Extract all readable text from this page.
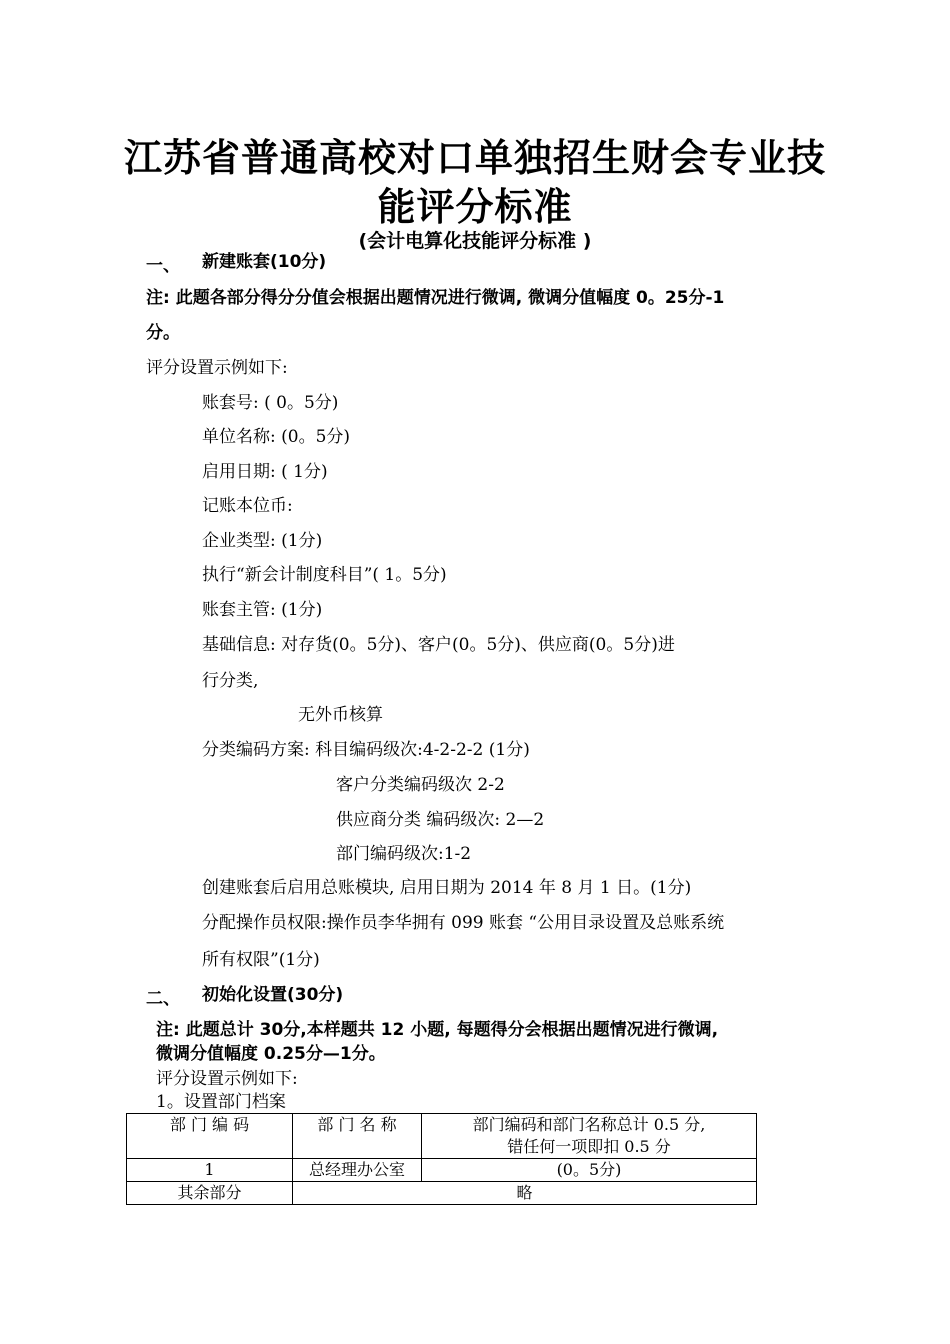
江苏省普通高校对口单独招生财会专业技
能评分标准
(会计电算化技能评分标准 )
一、 新建账套(10分)
注: 此题各部分得分分值会根据出题情况进行微调, 微调分值幅度 0。25分-1
分。
评分设置示例如下:
账套号: ( 0。5分)
单位名称: (0。5分)
启用日期: ( 1分)
记账本位币:
企业类型: (1分)
执行“新会计制度科目”( 1。5分)
账套主管: (1分)
基础信息: 对存货(0。5分)、客户(0。5分)、供应商(0。5分)进
行分类,
无外币核算
分类编码方案: 科目编码级次:4-2-2-2 (1分)
客户分类编码级次 2-2
供应商分类 编码级次: 2—2
部门编码级次:1-2
创建账套后启用总账模块, 启用日期为 2014 年 8 月 1 日。(1分)
分配操作员权限:操作员李华拥有 099 账套 “公用目录设置及总账系统
所有权限”(1分)
二、 初始化设置(30分)
注: 此题总计 30分,本样题共 12 小题, 每题得分会根据出题情况进行微调,
微调分值幅度 0.25分—1分。
评分设置示例如下:
1。设置部门档案
部 门 编 码	部 门 名 称	部门编码和部门名称总计 0.5 分,
错任何一项即扣 0.5 分

1	总经理办公室	(0。5分)
其余部分	略	
